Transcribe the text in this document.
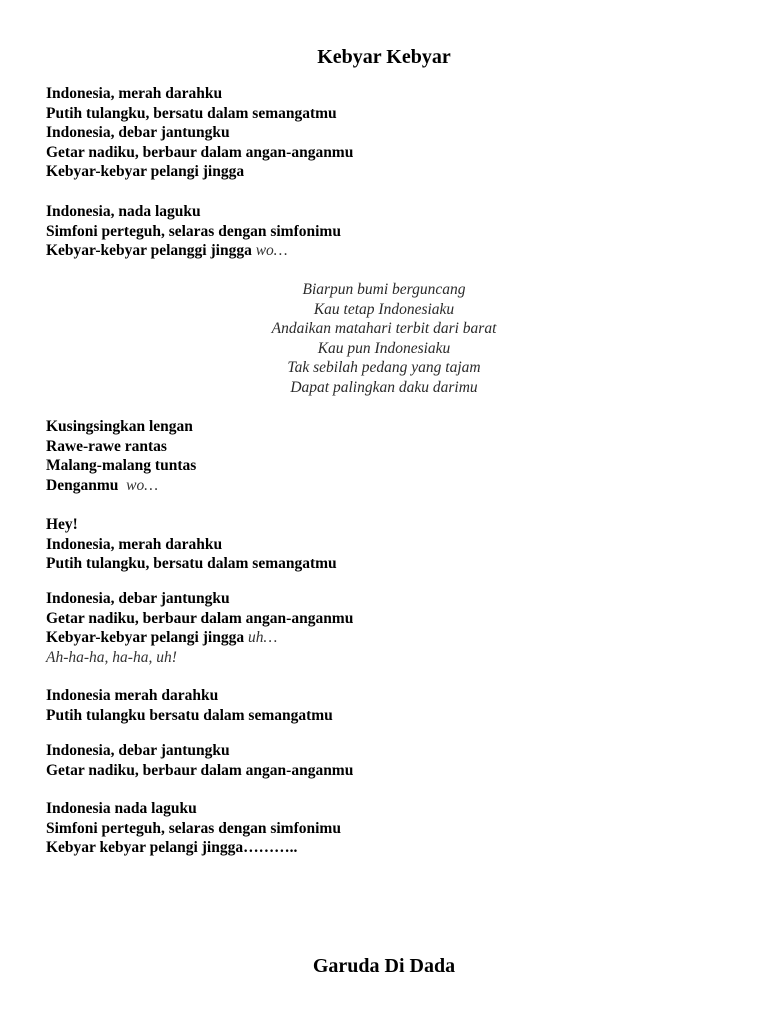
Kebyar Kebyar
Indonesia, merah darahku
Putih tulangku, bersatu dalam semangatmu
Indonesia, debar jantungku
Getar nadiku, berbaur dalam angan-anganmu
Kebyar-kebyar pelangi jingga
Indonesia, nada laguku
Simfoni perteguh, selaras dengan simfonimu
Kebyar-kebyar pelanggi jingga wo…
Biarpun bumi berguncang
Kau tetap Indonesiaku
Andaikan matahari terbit dari barat
Kau pun Indonesiaku
Tak sebilah pedang yang tajam
Dapat palingkan daku darimu
Kusingsingkan lengan
Rawe-rawe rantas
Malang-malang tuntas
Denganmu wo…
Hey!
Indonesia, merah darahku
Putih tulangku, bersatu dalam semangatmu
Indonesia, debar jantungku
Getar nadiku, berbaur dalam angan-anganmu
Kebyar-kebyar pelangi jingga uh…
Ah-ha-ha, ha-ha, uh!
Indonesia merah darahku
Putih tulangku bersatu dalam semangatmu
Indonesia, debar jantungku
Getar nadiku, berbaur dalam angan-anganmu
Indonesia nada laguku
Simfoni perteguh, selaras dengan simfonimu
Kebyar kebyar pelangi jingga………..
Garuda Di Dada
